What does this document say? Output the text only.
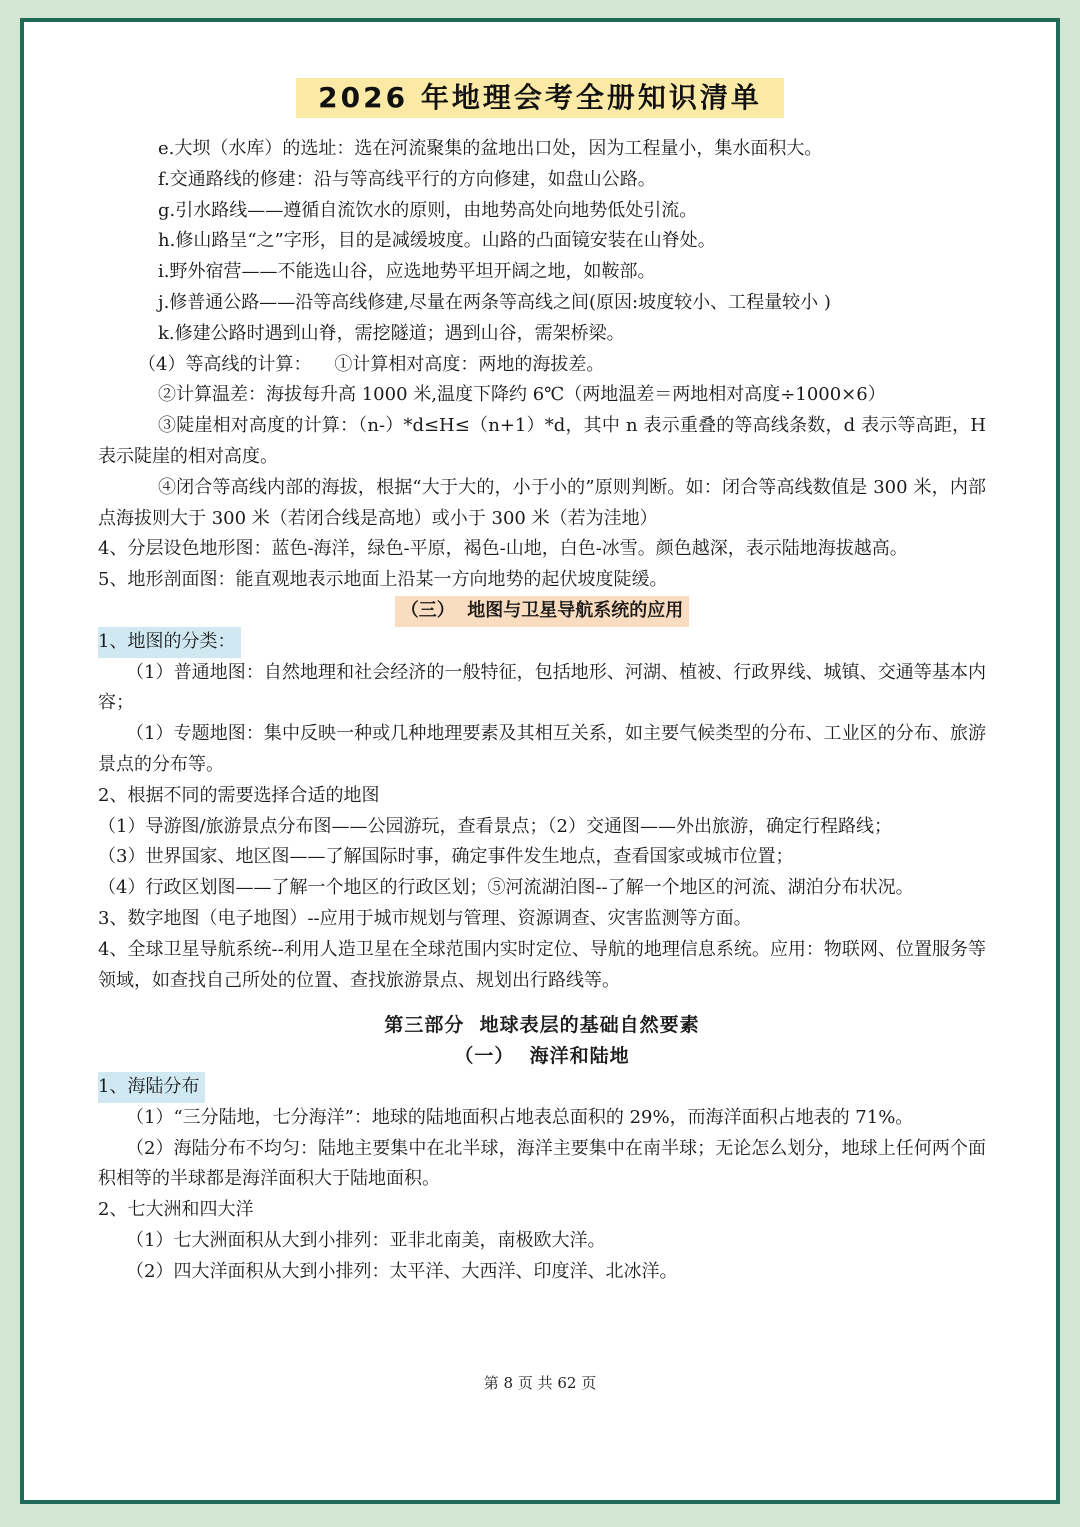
2026 年地理会考全册知识清单

e.大坝（水库）的选址：选在河流聚集的盆地出口处，因为工程量小，集水面积大。

f.交通路线的修建：沿与等高线平行的方向修建，如盘山公路。

g.引水路线——遵循自流饮水的原则，由地势高处向地势低处引流。

h.修山路呈“之”字形，目的是减缓坡度。山路的凸面镜安装在山脊处。

i.野外宿营——不能选山谷，应选地势平坦开阔之地，如鞍部。

j.修普通公路——沿等高线修建,尽量在两条等高线之间(原因:坡度较小、工程量较小 )

k.修建公路时遇到山脊，需挖隧道；遇到山谷，需架桥梁。

（4）等高线的计算：    ①计算相对高度：两地的海拔差。

②计算温差：海拔每升高 1000 米,温度下降约 6℃（两地温差＝两地相对高度÷1000×6）

③陡崖相对高度的计算：（n-）*d≤H≤（n+1）*d，其中 n 表示重叠的等高线条数，d 表示等高距，H 表示陡崖的相对高度。

④闭合等高线内部的海拔，根据“大于大的，小于小的”原则判断。如：闭合等高线数值是 300 米，内部点海拔则大于 300 米（若闭合线是高地）或小于 300 米（若为洼地）

4、分层设色地形图：蓝色-海洋，绿色-平原，褐色-山地，白色-冰雪。颜色越深，表示陆地海拔越高。

5、地形剖面图：能直观地表示地面上沿某一方向地势的起伏坡度陡缓。

（三）  地图与卫星导航系统的应用

1、地图的分类：

（1）普通地图：自然地理和社会经济的一般特征，包括地形、河湖、植被、行政界线、城镇、交通等基本内容；

（1）专题地图：集中反映一种或几种地理要素及其相互关系，如主要气候类型的分布、工业区的分布、旅游景点的分布等。

2、根据不同的需要选择合适的地图

（1）导游图/旅游景点分布图——公园游玩，查看景点；（2）交通图——外出旅游，确定行程路线；

（3）世界国家、地区图——了解国际时事，确定事件发生地点，查看国家或城市位置；

（4）行政区划图——了解一个地区的行政区划；⑤河流湖泊图--了解一个地区的河流、湖泊分布状况。

3、数字地图（电子地图）--应用于城市规划与管理、资源调查、灾害监测等方面。

4、全球卫星导航系统--利用人造卫星在全球范围内实时定位、导航的地理信息系统。应用：物联网、位置服务等领域，如查找自己所处的位置、查找旅游景点、规划出行路线等。

第三部分  地球表层的基础自然要素

（一）  海洋和陆地

1、海陆分布

（1）“三分陆地，七分海洋”：地球的陆地面积占地表总面积的 29%，而海洋面积占地表的 71%。

（2）海陆分布不均匀：陆地主要集中在北半球，海洋主要集中在南半球；无论怎么划分，地球上任何两个面积相等的半球都是海洋面积大于陆地面积。

2、七大洲和四大洋

（1）七大洲面积从大到小排列：亚非北南美，南极欧大洋。

（2）四大洋面积从大到小排列：太平洋、大西洋、印度洋、北冰洋。

第 8 页 共 62 页
